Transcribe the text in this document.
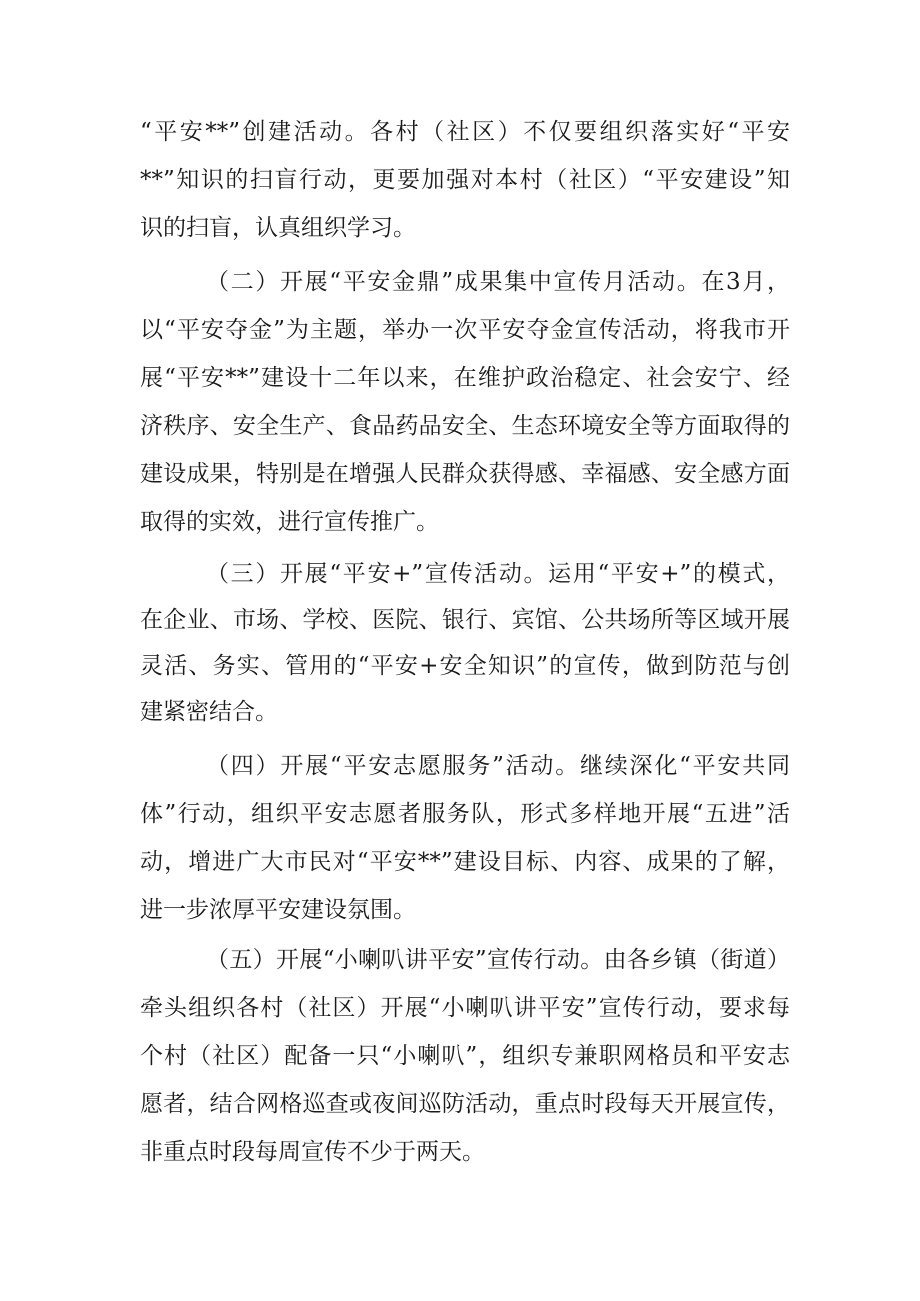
“平安**”创建活动。各村（社区）不仅要组织落实好“平安
**”知识的扫盲行动，更要加强对本村（社区）“平安建设”知
识的扫盲，认真组织学习。
（二）开展“平安金鼎”成果集中宣传月活动。在3月，
以“平安夺金”为主题，举办一次平安夺金宣传活动，将我市开
展“平安**”建设十二年以来，在维护政治稳定、社会安宁、经
济秩序、安全生产、食品药品安全、生态环境安全等方面取得的
建设成果，特别是在增强人民群众获得感、幸福感、安全感方面
取得的实效，进行宣传推广。
（三）开展“平安+”宣传活动。运用“平安+”的模式，
在企业、市场、学校、医院、银行、宾馆、公共场所等区域开展
灵活、务实、管用的“平安+安全知识”的宣传，做到防范与创
建紧密结合。
（四）开展“平安志愿服务”活动。继续深化“平安共同
体”行动，组织平安志愿者服务队，形式多样地开展“五进”活
动，增进广大市民对“平安**”建设目标、内容、成果的了解，
进一步浓厚平安建设氛围。
（五）开展“小喇叭讲平安”宣传行动。由各乡镇（街道）
牵头组织各村（社区）开展“小喇叭讲平安”宣传行动，要求每
个村（社区）配备一只“小喇叭”，组织专兼职网格员和平安志
愿者，结合网格巡查或夜间巡防活动，重点时段每天开展宣传，
非重点时段每周宣传不少于两天。
